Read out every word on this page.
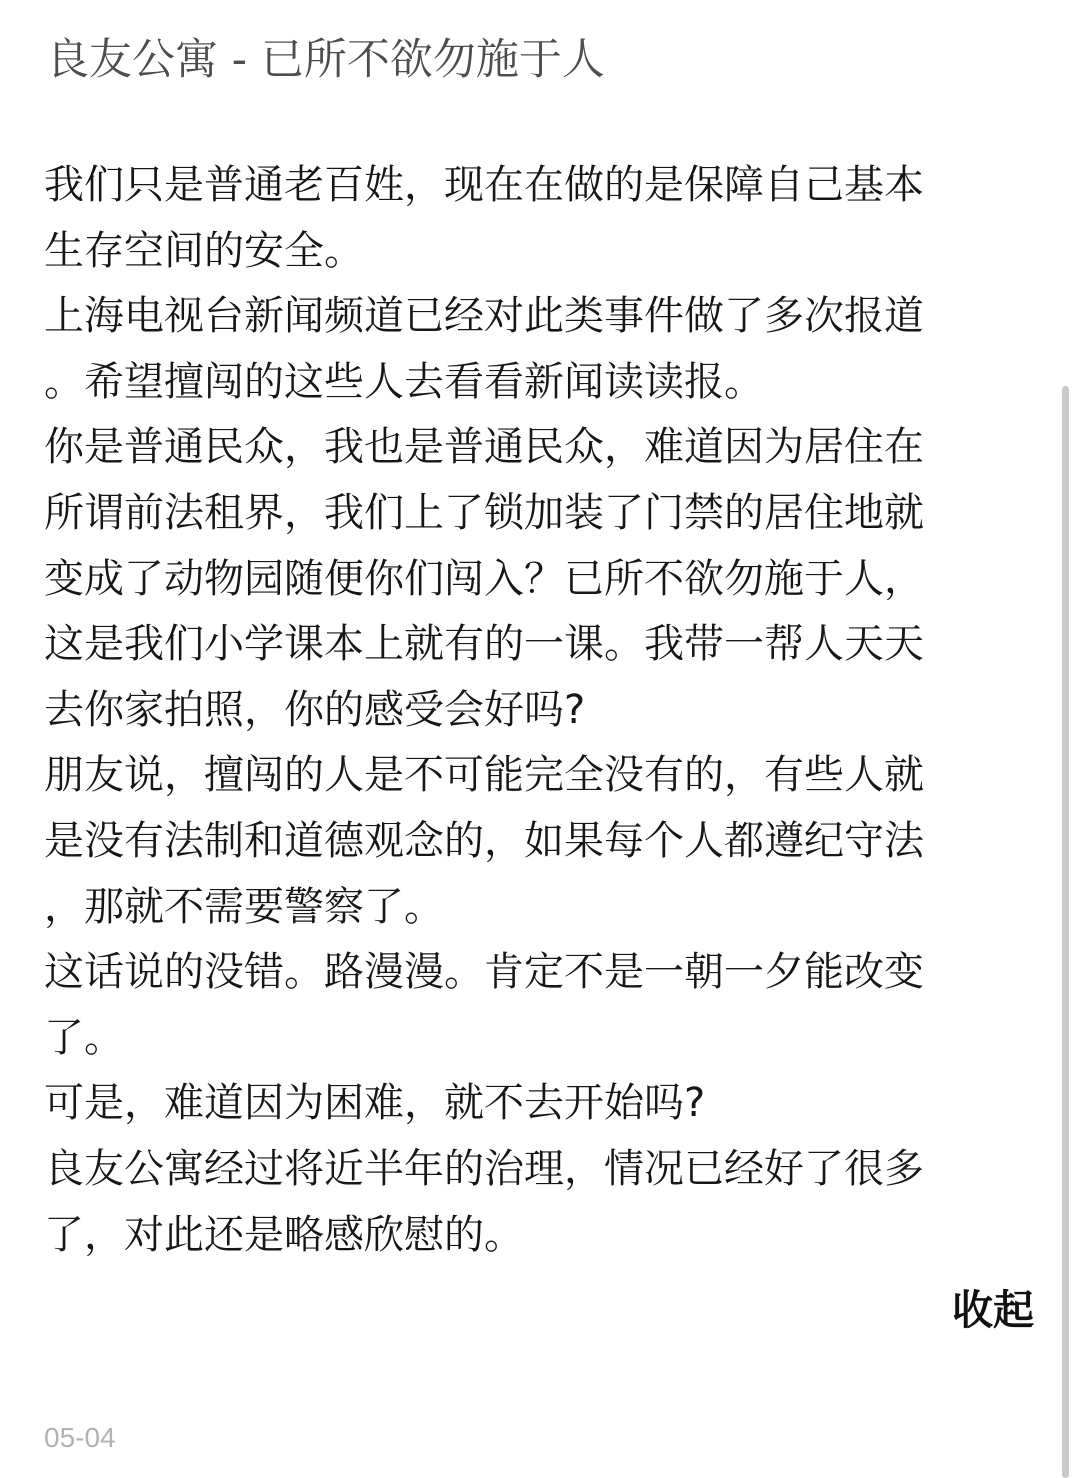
良友公寓 - 已所不欲勿施于人
我们只是普通老百姓，现在在做的是保障自己基本
生存空间的安全。
上海电视台新闻频道已经对此类事件做了多次报道
。希望擅闯的这些人去看看新闻读读报。
你是普通民众，我也是普通民众，难道因为居住在
所谓前法租界，我们上了锁加装了门禁的居住地就
变成了动物园随便你们闯入？已所不欲勿施于人，
这是我们小学课本上就有的一课。我带一帮人天天
去你家拍照，你的感受会好吗?
朋友说，擅闯的人是不可能完全没有的，有些人就
是没有法制和道德观念的，如果每个人都遵纪守法
，那就不需要警察了。
这话说的没错。路漫漫。肯定不是一朝一夕能改变
了。
可是，难道因为困难，就不去开始吗?
良友公寓经过将近半年的治理，情况已经好了很多
了，对此还是略感欣慰的。
收起
05-04
